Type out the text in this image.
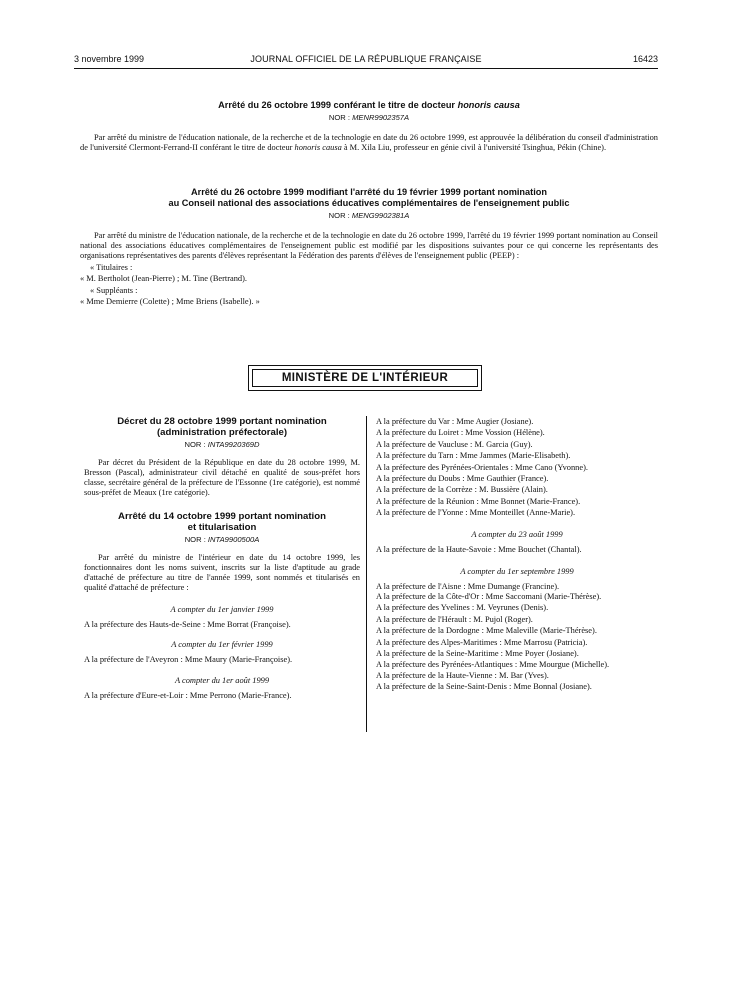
3 novembre 1999	JOURNAL OFFICIEL DE LA RÉPUBLIQUE FRANÇAISE	16423
Arrêté du 26 octobre 1999 conférant le titre de docteur honoris causa
NOR : MENR9902357A

Par arrêté du ministre de l'éducation nationale, de la recherche et de la technologie en date du 26 octobre 1999, est approuvée la délibération du conseil d'administration de l'université Clermont-Ferrand-II conférant le titre de docteur honoris causa à M. Xila Liu, professeur en génie civil à l'université Tsinghua, Pékin (Chine).

Arrêté du 26 octobre 1999 modifiant l'arrêté du 19 février 1999 portant nomination
au Conseil national des associations éducatives complémentaires de l'enseignement public
NOR : MENG9902381A

Par arrêté du ministre de l'éducation nationale, de la recherche et de la technologie en date du 26 octobre 1999, l'arrêté du 19 février 1999 portant nomination au Conseil national des associations éducatives complémentaires de l'enseignement public est modifié par les dispositions suivantes pour ce qui concerne les représentants des organisations représentatives des parents d'élèves représentant la Fédération des parents d'élèves de l'enseignement public (PEEP) :

« Titulaires :
« M. Bertholot (Jean-Pierre) ; M. Tine (Bertrand).
« Suppléants :
« Mme Demierre (Colette) ; Mme Briens (Isabelle). »
MINISTÈRE DE L'INTÉRIEUR
Décret du 28 octobre 1999 portant nomination
(administration préfectorale)
NOR : INTA9920369D

Par décret du Président de la République en date du 28 octobre 1999, M. Bresson (Pascal), administrateur civil détaché en qualité de sous-préfet hors classe, secrétaire général de la préfecture de l'Essonne (1re catégorie), est nommé sous-préfet de Meaux (1re catégorie).

Arrêté du 14 octobre 1999 portant nomination
et titularisation
NOR : INTA9900500A

Par arrêté du ministre de l'intérieur en date du 14 octobre 1999, les fonctionnaires dont les noms suivent, inscrits sur la liste d'aptitude au grade d'attaché de préfecture au titre de l'année 1999, sont nommés et titularisés en qualité d'attaché de préfecture :

A compter du 1er janvier 1999
A la préfecture des Hauts-de-Seine : Mme Borrat (Françoise).
A compter du 1er février 1999
A la préfecture de l'Aveyron : Mme Maury (Marie-Françoise).
A compter du 1er août 1999
A la préfecture d'Eure-et-Loir : Mme Perrono (Marie-France).
A la préfecture du Var : Mme Augier (Josiane).
A la préfecture du Loiret : Mme Vossion (Hélène).
A la préfecture de Vaucluse : M. Garcia (Guy).
A la préfecture du Tarn : Mme Jammes (Marie-Elisabeth).
A la préfecture des Pyrénées-Orientales : Mme Cano (Yvonne).
A la préfecture du Doubs : Mme Gauthier (France).
A la préfecture de la Corrèze : M. Bussière (Alain).
A la préfecture de la Réunion : Mme Bonnet (Marie-France).
A la préfecture de l'Yonne : Mme Monteillet (Anne-Marie).
A compter du 23 août 1999
A la préfecture de la Haute-Savoie : Mme Bouchet (Chantal).
A compter du 1er septembre 1999
A la préfecture de l'Aisne : Mme Dumange (Francine).
A la préfecture de la Côte-d'Or : Mme Saccomani (Marie-Thérèse).
A la préfecture des Yvelines : M. Veyrunes (Denis).
A la préfecture de l'Hérault : M. Pujol (Roger).
A la préfecture de la Dordogne : Mme Maleville (Marie-Thérèse).
A la préfecture des Alpes-Maritimes : Mme Marrosu (Patricia).
A la préfecture de la Seine-Maritime : Mme Poyer (Josiane).
A la préfecture des Pyrénées-Atlantiques : Mme Mourgue (Michelle).
A la préfecture de la Haute-Vienne : M. Bar (Yves).
A la préfecture de la Seine-Saint-Denis : Mme Bonnal (Josiane).
